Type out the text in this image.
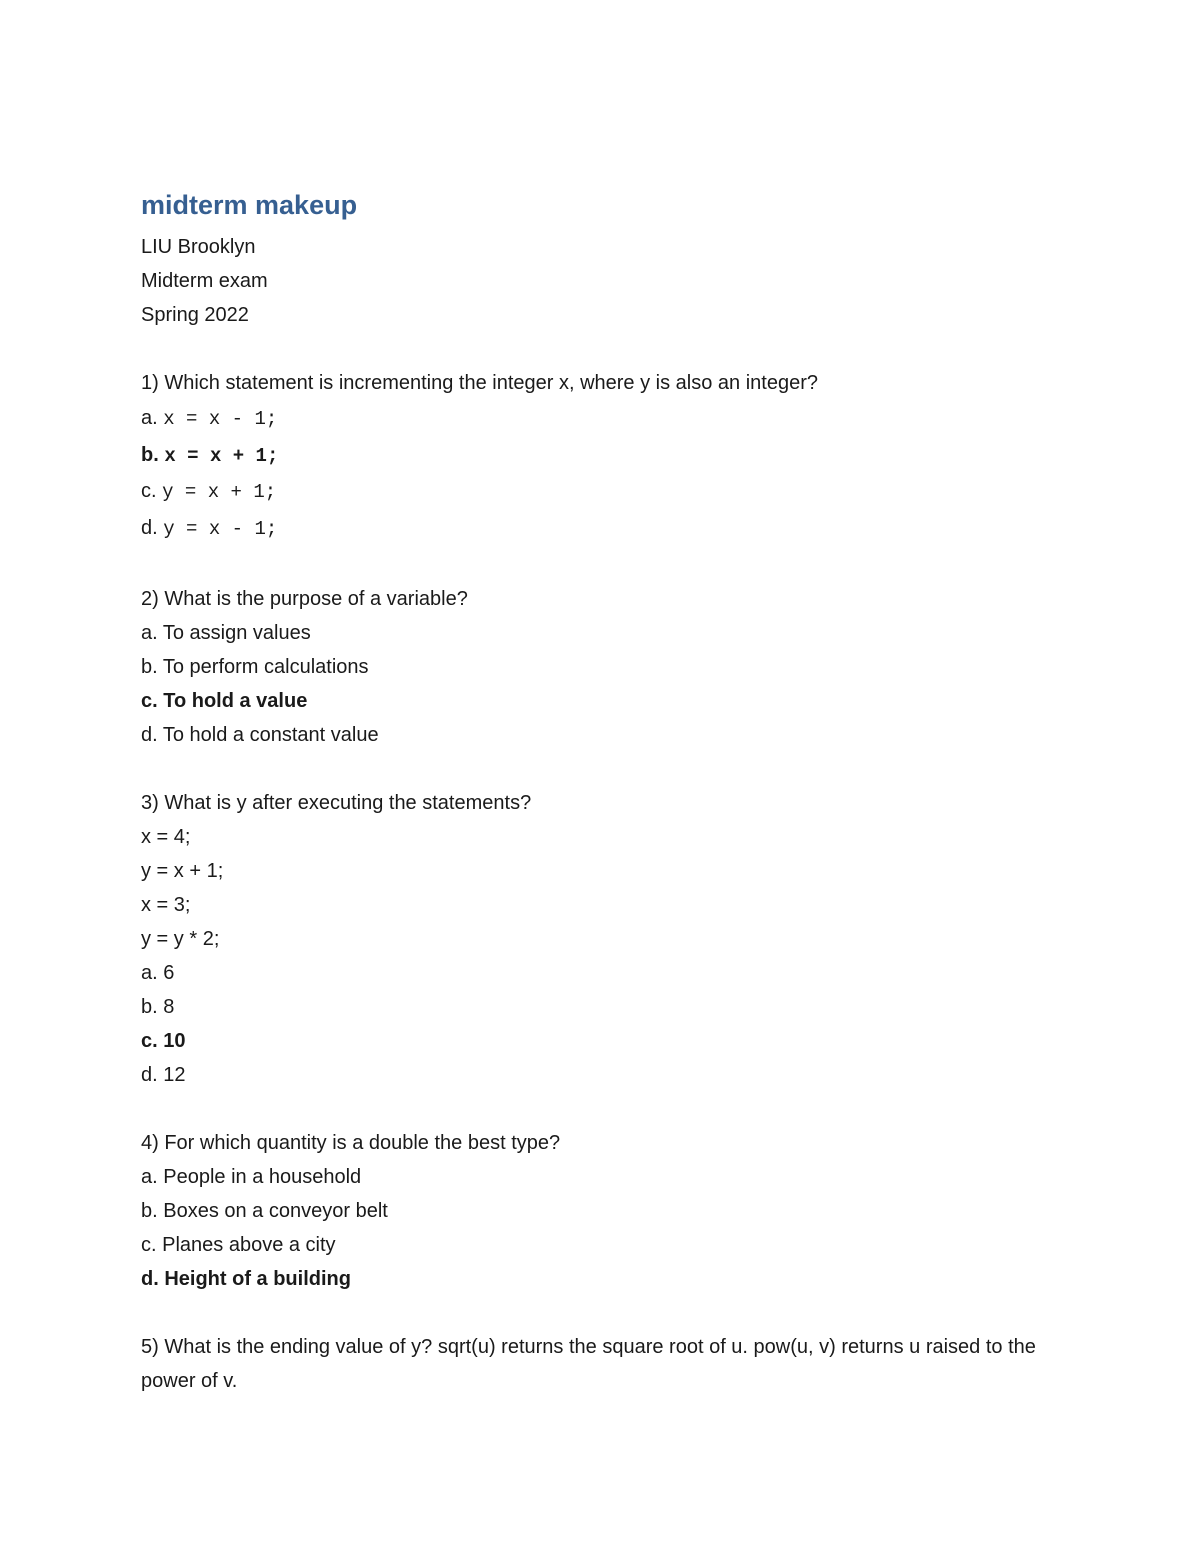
midterm makeup
LIU Brooklyn
Midterm exam
Spring 2022
1) Which statement is incrementing the integer x, where y is also an integer?
a. x = x - 1;
b. x = x + 1;
c. y = x + 1;
d. y = x - 1;
2) What is the purpose of a variable?
a. To assign values
b. To perform calculations
c. To hold a value
d. To hold a constant value
3) What is y after executing the statements?
x = 4;
y = x + 1;
x = 3;
y = y * 2;
a. 6
b. 8
c. 10
d. 12
4) For which quantity is a double the best type?
a. People in a household
b. Boxes on a conveyor belt
c. Planes above a city
d. Height of a building
5) What is the ending value of y? sqrt(u) returns the square root of u. pow(u, v) returns u raised to the power of v.
